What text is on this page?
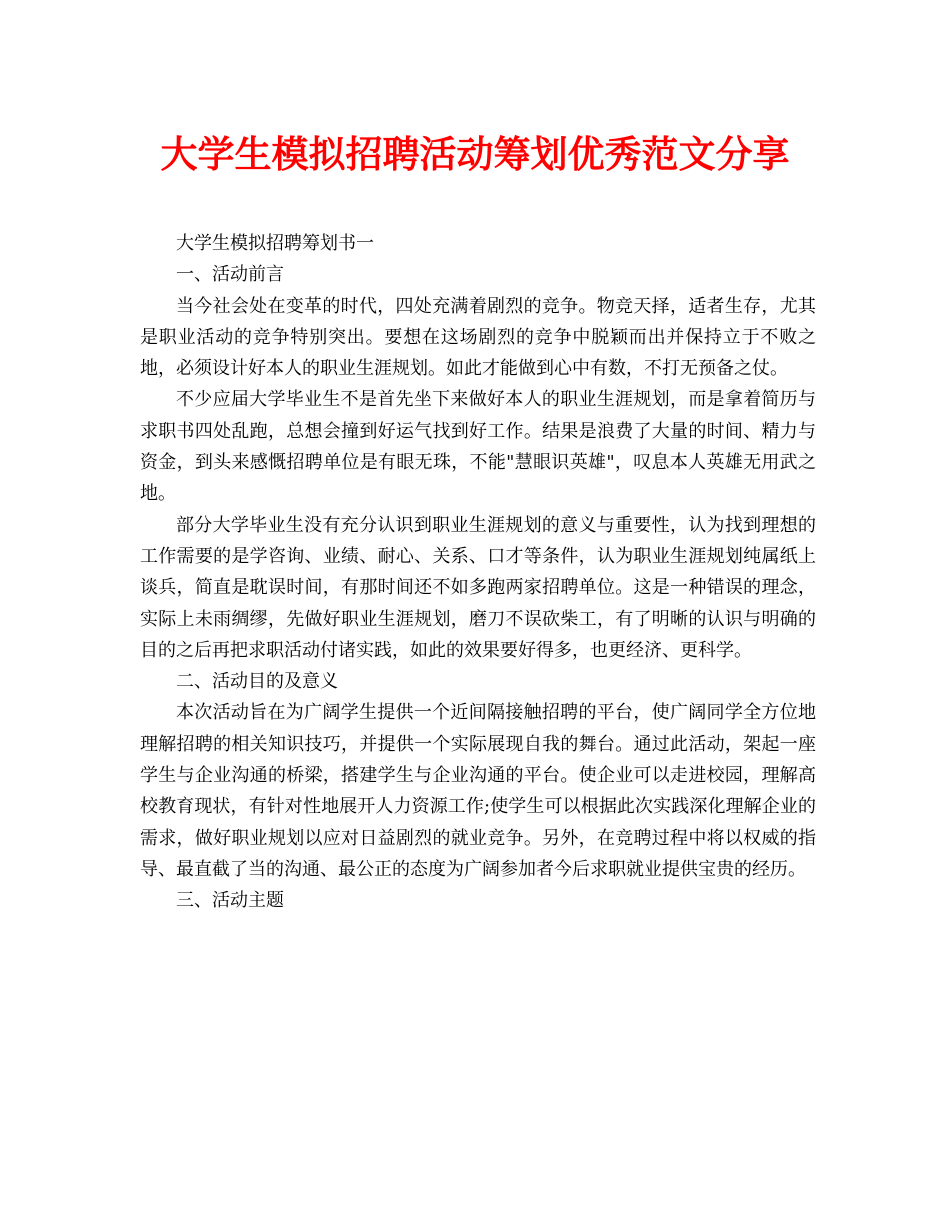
大学生模拟招聘活动筹划优秀范文分享

大学生模拟招聘筹划书一

一、活动前言

当今社会处在变革的时代，四处充满着剧烈的竞争。物竞天择，适者生存，尤其是职业活动的竞争特别突出。要想在这场剧烈的竞争中脱颖而出并保持立于不败之地，必须设计好本人的职业生涯规划。如此才能做到心中有数，不打无预备之仗。

不少应届大学毕业生不是首先坐下来做好本人的职业生涯规划，而是拿着简历与求职书四处乱跑，总想会撞到好运气找到好工作。结果是浪费了大量的时间、精力与资金，到头来感慨招聘单位是有眼无珠，不能"慧眼识英雄"，叹息本人英雄无用武之地。

部分大学毕业生没有充分认识到职业生涯规划的意义与重要性，认为找到理想的工作需要的是学咨询、业绩、耐心、关系、口才等条件，认为职业生涯规划纯属纸上谈兵，简直是耽误时间，有那时间还不如多跑两家招聘单位。这是一种错误的理念，实际上未雨绸缪，先做好职业生涯规划，磨刀不误砍柴工，有了明晰的认识与明确的目的之后再把求职活动付诸实践，如此的效果要好得多，也更经济、更科学。

二、活动目的及意义

本次活动旨在为广阔学生提供一个近间隔接触招聘的平台，使广阔同学全方位地理解招聘的相关知识技巧，并提供一个实际展现自我的舞台。通过此活动，架起一座学生与企业沟通的桥梁，搭建学生与企业沟通的平台。使企业可以走进校园，理解高校教育现状，有针对性地展开人力资源工作;使学生可以根据此次实践深化理解企业的需求，做好职业规划以应对日益剧烈的就业竞争。另外，在竞聘过程中将以权威的指导、最直截了当的沟通、最公正的态度为广阔参加者今后求职就业提供宝贵的经历。

三、活动主题
